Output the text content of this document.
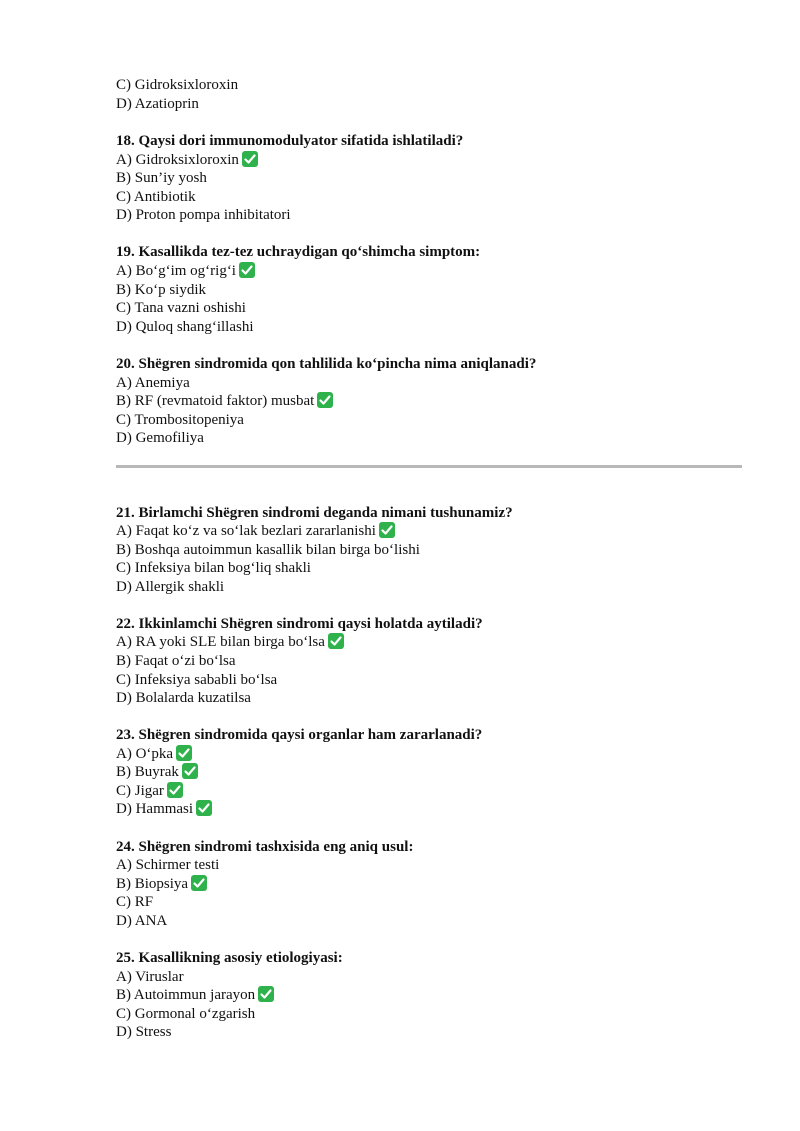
C) Gidroksixloroxin
D) Azatioprin
18. Qaysi dori immunomodulyator sifatida ishlatiladi?
A) Gidroksixloroxin
B) Sun’iy yosh
C) Antibiotik
D) Proton pompa inhibitatori
19. Kasallikda tez-tez uchraydigan qo‘shimcha simptom:
A) Bo‘g‘im og‘rig‘i
B) Ko‘p siydik
C) Tana vazni oshishi
D) Quloq shang‘illashi
20. Shëgren sindromida qon tahlilida ko‘pincha nima aniqlanadi?
A) Anemiya
B) RF (revmatoid faktor) musbat
C) Trombositopeniya
D) Gemofiliya
21. Birlamchi Shëgren sindromi deganda nimani tushunamiz?
A) Faqat ko‘z va so‘lak bezlari zararlanishi
B) Boshqa autoimmun kasallik bilan birga bo‘lishi
C) Infeksiya bilan bog‘liq shakli
D) Allergik shakli
22. Ikkinlamchi Shëgren sindromi qaysi holatda aytiladi?
A) RA yoki SLE bilan birga bo‘lsa
B) Faqat o‘zi bo‘lsa
C) Infeksiya sababli bo‘lsa
D) Bolalarda kuzatilsa
23. Shëgren sindromida qaysi organlar ham zararlanadi?
A) O‘pka
B) Buyrak
C) Jigar
D) Hammasi
24. Shëgren sindromi tashxisida eng aniq usul:
A) Schirmer testi
B) Biopsiya
C) RF
D) ANA
25. Kasallikning asosiy etiologiyasi:
A) Viruslar
B) Autoimmun jarayon
C) Gormonal o‘zgarish
D) Stress
